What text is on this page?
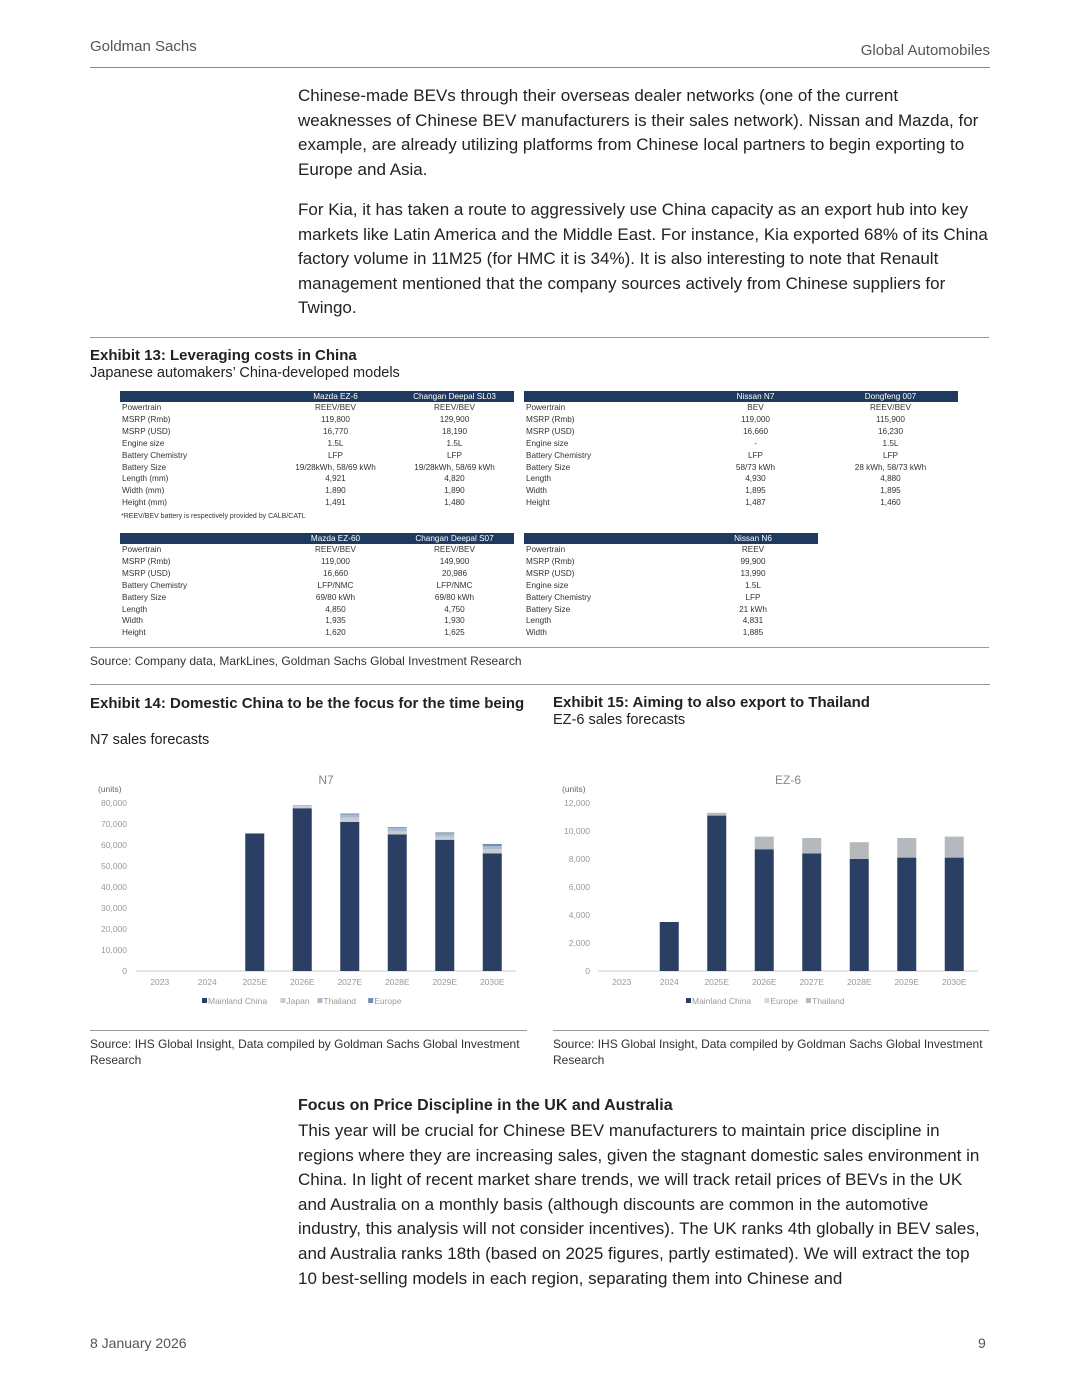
Goldman Sachs	Global Automobiles

Chinese-made BEVs through their overseas dealer networks (one of the current weaknesses of Chinese BEV manufacturers is their sales network). Nissan and Mazda, for example, are already utilizing platforms from Chinese local partners to begin exporting to Europe and Asia.

For Kia, it has taken a route to aggressively use China capacity as an export hub into key markets like Latin America and the Middle East. For instance, Kia exported 68% of its China factory volume in 11M25 (for HMC it is 34%). It is also interesting to note that Renault management mentioned that the company sources actively from Chinese suppliers for Twingo.

Exhibit 13: Leveraging costs in China
Japanese automakers’ China-developed models
	Mazda EZ-6	Changan Deepal SL03
Powertrain	REEV/BEV	REEV/BEV
MSRP (Rmb)	119,800	129,900
MSRP (USD)	16,770	18,190
Engine size	1.5L	1.5L
Battery Chemistry	LFP	LFP
Battery Size	19/28kWh, 58/69 kWh	19/28kWh, 58/69 kWh
Length (mm)	4,921	4,820
Width (mm)	1,890	1,890
Height (mm)	1,491	1,480
	Nissan N7	Dongfeng 007
Powertrain	BEV	REEV/BEV
MSRP (Rmb)	119,000	115,900
MSRP (USD)	16,660	16,230
Engine size	-	1.5L
Battery Chemistry	LFP	LFP
Battery Size	58/73 kWh	28 kWh, 58/73 kWh
Length	4,930	4,880
Width	1,895	1,895
Height	1,487	1,460
*REEV/BEV battery is respectively provided by CALB/CATL
	Mazda EZ-60	Changan Deepal S07
Powertrain	REEV/BEV	REEV/BEV
MSRP (Rmb)	119,000	149,900
MSRP (USD)	16,660	20,986
Battery Chemistry	LFP/NMC	LFP/NMC
Battery Size	69/80 kWh	69/80 kWh
Length	4,850	4,750
Width	1,935	1,930
Height	1,620	1,625
	Nissan N6
Powertrain	REEV
MSRP (Rmb)	99,900
MSRP (USD)	13,990
Engine size	1.5L
Battery Chemistry	LFP
Battery Size	21 kWh
Length	4,831
Width	1,885
Source: Company data, MarkLines, Goldman Sachs Global Investment Research
Exhibit 14: Domestic China to be the focus for the time being
N7 sales forecasts
N7
(units)
0
10,000
20,000
30,000
40,000
50,000
60,000
70,000
80,000
2023	2024	2025E	2026E	2027E	2028E	2029E	2030E
Mainland China Japan Thailand Europe
Source: IHS Global Insight, Data compiled by Goldman Sachs Global Investment Research
Exhibit 15: Aiming to also export to Thailand
EZ-6 sales forecasts
EZ-6
(units)
0
2,000
4,000
6,000
8,000
10,000
12,000
2023	2024	2025E	2026E	2027E	2028E	2029E	2030E
Mainland China Europe Thailand
Source: IHS Global Insight, Data compiled by Goldman Sachs Global Investment Research
Focus on Price Discipline in the UK and Australia

This year will be crucial for Chinese BEV manufacturers to maintain price discipline in regions where they are increasing sales, given the stagnant domestic sales environment in China. In light of recent market share trends, we will track retail prices of BEVs in the UK and Australia on a monthly basis (although discounts are common in the automotive industry, this analysis will not consider incentives). The UK ranks 4th globally in BEV sales, and Australia ranks 18th (based on 2025 figures, partly estimated). We will extract the top 10 best-selling models in each region, separating them into Chinese and

8 January 2026	9
